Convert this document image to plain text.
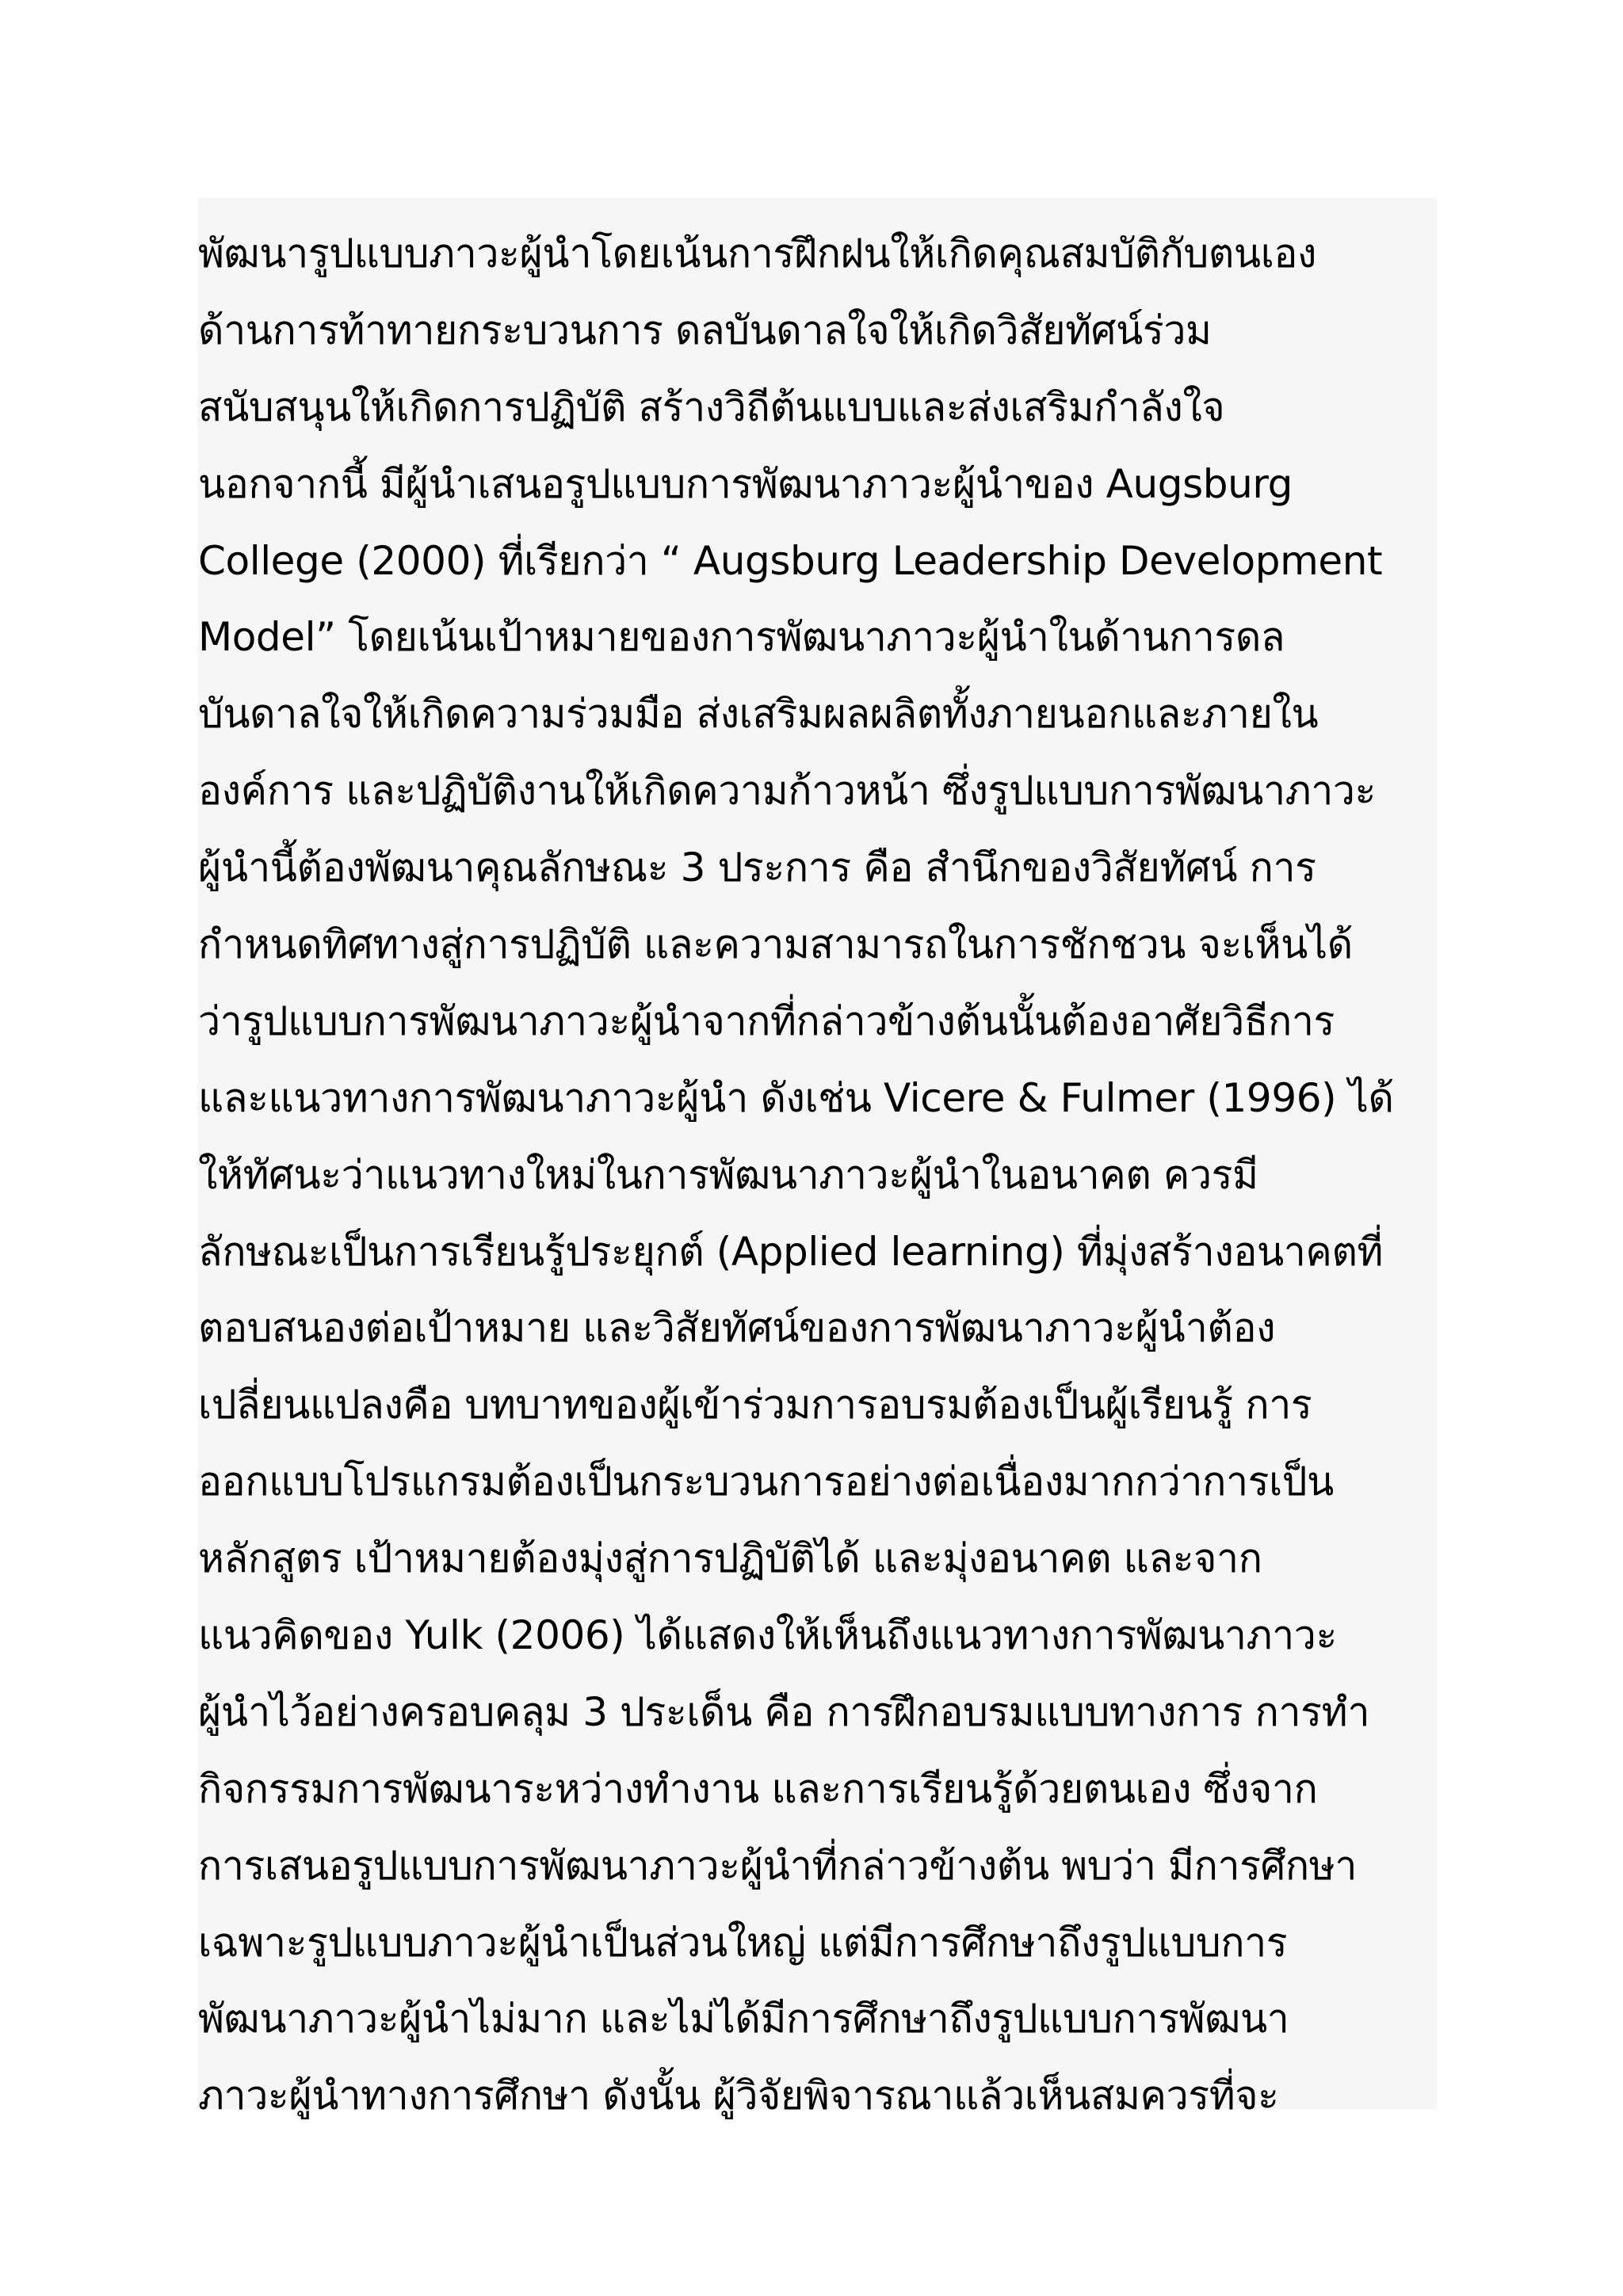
พัฒนารูปแบบภาวะผู้นำโดยเน้นการฝึกฝนให้เกิดคุณสมบัติกับตนเอง
ด้านการท้าทายกระบวนการ ดลบันดาลใจให้เกิดวิสัยทัศน์ร่วม
สนับสนุนให้เกิดการปฏิบัติ สร้างวิถีต้นแบบและส่งเสริมกำลังใจ
นอกจากนี้ มีผู้นำเสนอรูปแบบการพัฒนาภาวะผู้นำของ Augsburg
College (2000) ที่เรียกว่า “ Augsburg Leadership Development
Model” โดยเน้นเป้าหมายของการพัฒนาภาวะผู้นำในด้านการดล
บันดาลใจให้เกิดความร่วมมือ ส่งเสริมผลผลิตทั้งภายนอกและภายใน
องค์การ และปฏิบัติงานให้เกิดความก้าวหน้า ซึ่งรูปแบบการพัฒนาภาวะ
ผู้นำนี้ต้องพัฒนาคุณลักษณะ 3 ประการ คือ สำนึกของวิสัยทัศน์ การ
กำหนดทิศทางสู่การปฏิบัติ และความสามารถในการชักชวน จะเห็นได้
ว่ารูปแบบการพัฒนาภาวะผู้นำจากที่กล่าวข้างต้นนั้นต้องอาศัยวิธีการ
และแนวทางการพัฒนาภาวะผู้นำ ดังเช่น Vicere & Fulmer (1996) ได้
ให้ทัศนะว่าแนวทางใหม่ในการพัฒนาภาวะผู้นำในอนาคต ควรมี
ลักษณะเป็นการเรียนรู้ประยุกต์ (Applied learning) ที่มุ่งสร้างอนาคตที่
ตอบสนองต่อเป้าหมาย และวิสัยทัศน์ของการพัฒนาภาวะผู้นำต้อง
เปลี่ยนแปลงคือ บทบาทของผู้เข้าร่วมการอบรมต้องเป็นผู้เรียนรู้ การ
ออกแบบโปรแกรมต้องเป็นกระบวนการอย่างต่อเนื่องมากกว่าการเป็น
หลักสูตร เป้าหมายต้องมุ่งสู่การปฏิบัติได้ และมุ่งอนาคต และจาก
แนวคิดของ Yulk (2006) ได้แสดงให้เห็นถึงแนวทางการพัฒนาภาวะ
ผู้นำไว้อย่างครอบคลุม 3 ประเด็น คือ การฝึกอบรมแบบทางการ การทำ
กิจกรรมการพัฒนาระหว่างทำงาน และการเรียนรู้ด้วยตนเอง ซึ่งจาก
การเสนอรูปแบบการพัฒนาภาวะผู้นำที่กล่าวข้างต้น พบว่า มีการศึกษา
เฉพาะรูปแบบภาวะผู้นำเป็นส่วนใหญ่ แต่มีการศึกษาถึงรูปแบบการ
พัฒนาภาวะผู้นำไม่มาก และไม่ได้มีการศึกษาถึงรูปแบบการพัฒนา
ภาวะผู้นำทางการศึกษา ดังนั้น ผู้วิจัยพิจารณาแล้วเห็นสมควรที่จะ
